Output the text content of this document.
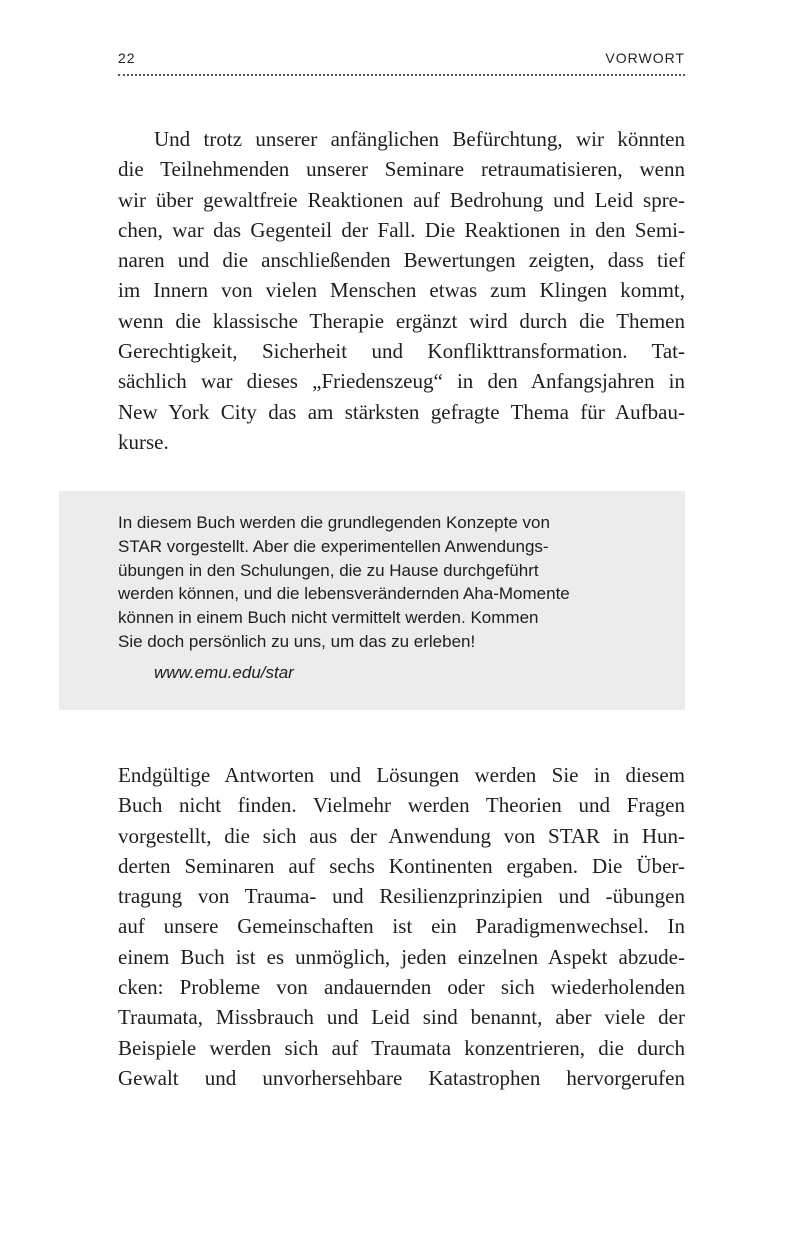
22	VORWORT
Und trotz unserer anfänglichen Befürchtung, wir könnten
die Teilnehmenden unserer Seminare retraumatisieren, wenn
wir über gewaltfreie Reaktionen auf Bedrohung und Leid spre-
chen, war das Gegenteil der Fall. Die Reaktionen in den Semi-
naren und die anschließenden Bewertungen zeigten, dass tief
im Innern von vielen Menschen etwas zum Klingen kommt,
wenn die klassische Therapie ergänzt wird durch die Themen
Gerechtigkeit, Sicherheit und Konflikttransformation. Tat-
sächlich war dieses „Friedenszeug“ in den Anfangsjahren in
New York City das am stärksten gefragte Thema für Aufbau-
kurse.
In diesem Buch werden die grundlegenden Konzepte von
STAR vorgestellt. Aber die experimentellen Anwendungs-
übungen in den Schulungen, die zu Hause durchgeführt
werden können, und die lebensverändernden Aha-Momente
können in einem Buch nicht vermittelt werden. Kommen
Sie doch persönlich zu uns, um das zu erleben!
www.emu.edu/star
Endgültige Antworten und Lösungen werden Sie in diesem
Buch nicht finden. Vielmehr werden Theorien und Fragen
vorgestellt, die sich aus der Anwendung von STAR in Hun-
derten Seminaren auf sechs Kontinenten ergaben. Die Über-
tragung von Trauma- und Resilienzprinzipien und -übungen
auf unsere Gemeinschaften ist ein Paradigmenwechsel. In
einem Buch ist es unmöglich, jeden einzelnen Aspekt abzude-
cken: Probleme von andauernden oder sich wiederholenden
Traumata, Missbrauch und Leid sind benannt, aber viele der
Beispiele werden sich auf Traumata konzentrieren, die durch
Gewalt und unvorhersehbare Katastrophen hervorgerufen
